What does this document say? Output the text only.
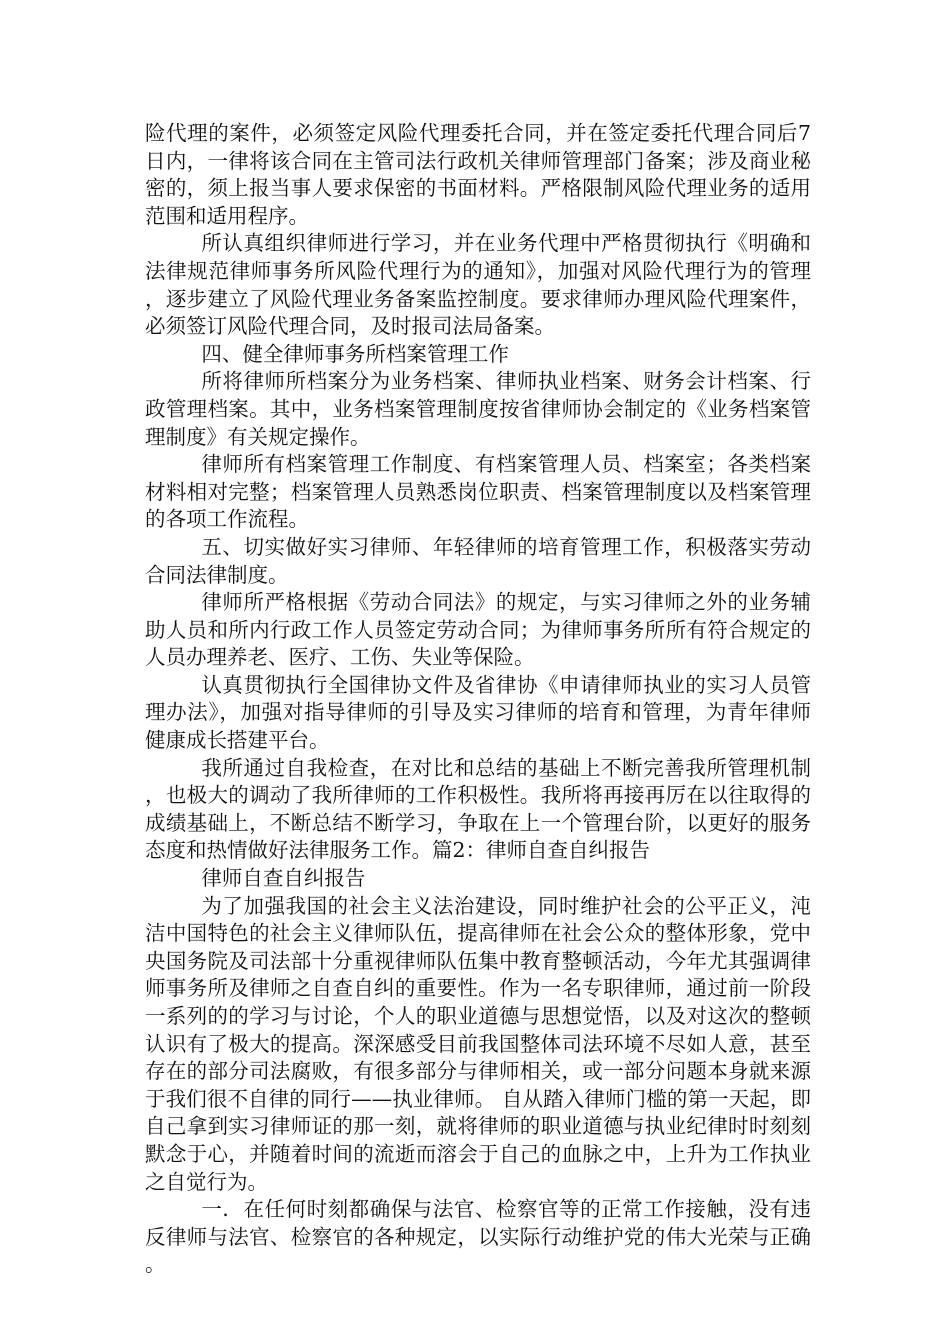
险代理的案件，必须签定风险代理委托合同，并在签定委托代理合同后7日内，一律将该合同在主管司法行政机关律师管理部门备案；涉及商业秘密的，须上报当事人要求保密的书面材料。严格限制风险代理业务的适用范围和适用程序。

所认真组织律师进行学习，并在业务代理中严格贯彻执行《明确和法律规范律师事务所风险代理行为的通知》，加强对风险代理行为的管理，逐步建立了风险代理业务备案监控制度。要求律师办理风险代理案件，必须签订风险代理合同，及时报司法局备案。

四、健全律师事务所档案管理工作

所将律师所档案分为业务档案、律师执业档案、财务会计档案、行政管理档案。其中，业务档案管理制度按省律师协会制定的《业务档案管理制度》有关规定操作。

律师所有档案管理工作制度、有档案管理人员、档案室；各类档案材料相对完整；档案管理人员熟悉岗位职责、档案管理制度以及档案管理的各项工作流程。

五、切实做好实习律师、年轻律师的培育管理工作，积极落实劳动合同法律制度。

律师所严格根据《劳动合同法》的规定，与实习律师之外的业务辅助人员和所内行政工作人员签定劳动合同；为律师事务所所有符合规定的人员办理养老、医疗、工伤、失业等保险。

认真贯彻执行全国律协文件及省律协《申请律师执业的实习人员管理办法》，加强对指导律师的引导及实习律师的培育和管理，为青年律师健康成长搭建平台。

我所通过自我检查，在对比和总结的基础上不断完善我所管理机制，也极大的调动了我所律师的工作积极性。我所将再接再厉在以往取得的成绩基础上，不断总结不断学习，争取在上一个管理台阶，以更好的服务态度和热情做好法律服务工作。篇2：律师自查自纠报告

律师自查自纠报告

为了加强我国的社会主义法治建设，同时维护社会的公平正义，沌洁中国特色的社会主义律师队伍，提高律师在社会公众的整体形象，党中央国务院及司法部十分重视律师队伍集中教育整顿活动，今年尤其强调律师事务所及律师之自查自纠的重要性。作为一名专职律师，通过前一阶段一系列的的学习与讨论，个人的职业道德与思想觉悟，以及对这次的整顿认识有了极大的提高。深深感受目前我国整体司法环境不尽如人意，甚至存在的部分司法腐败，有很多部分与律师相关，或一部分问题本身就来源于我们很不自律的同行——执业律师。 自从踏入律师门槛的第一天起，即自己拿到实习律师证的那一刻，就将律师的职业道德与执业纪律时时刻刻默念于心，并随着时间的流逝而溶会于自己的血脉之中，上升为工作执业之自觉行为。

一．在任何时刻都确保与法官、检察官等的正常工作接触，没有违反律师与法官、检察官的各种规定，以实际行动维护党的伟大光荣与正确。
